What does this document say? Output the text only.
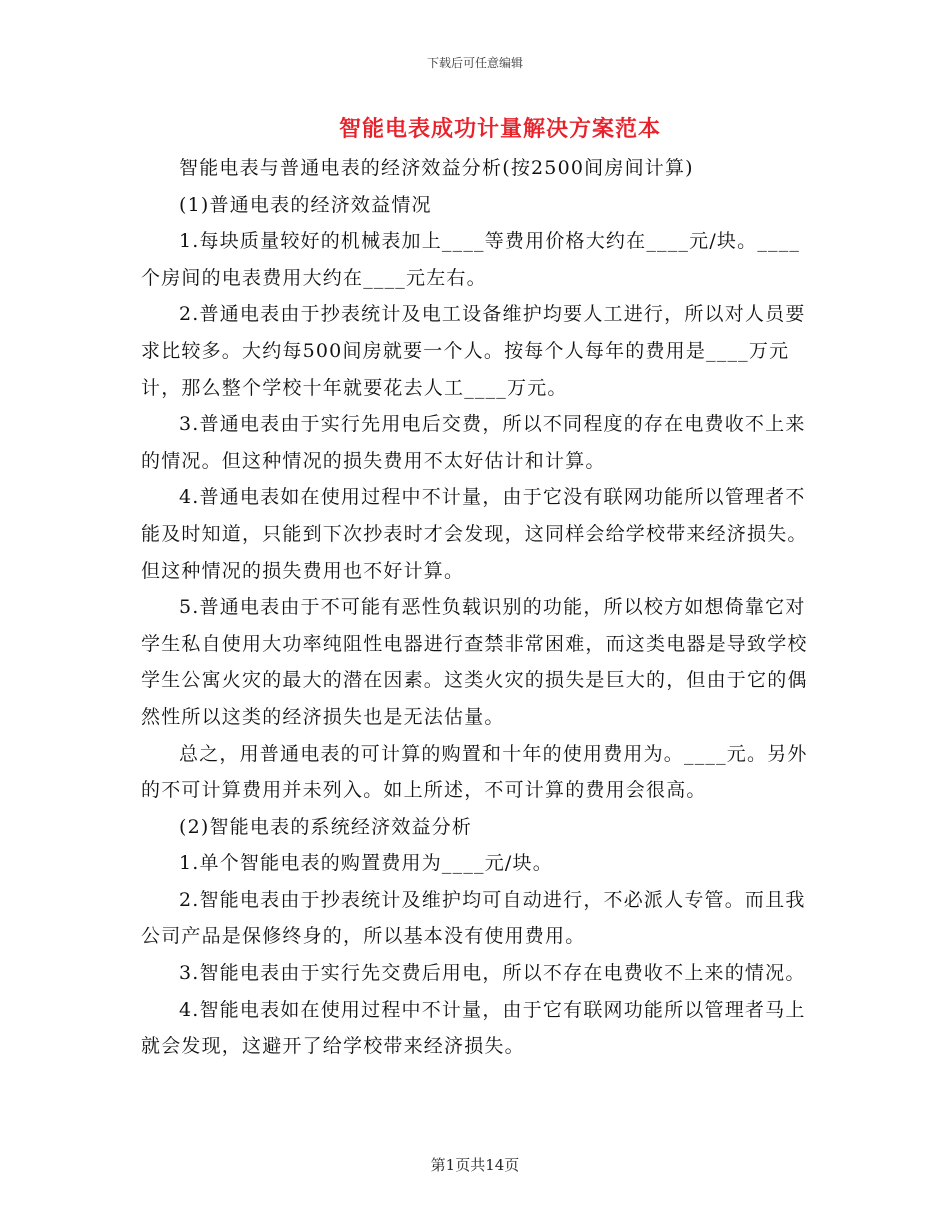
下载后可任意编辑
智能电表成功计量解决方案范本

智能电表与普通电表的经济效益分析(按2500间房间计算)

(1)普通电表的经济效益情况

1.每块质量较好的机械表加上____等费用价格大约在____元/块。____个房间的电表费用大约在____元左右。

2.普通电表由于抄表统计及电工设备维护均要人工进行，所以对人员要求比较多。大约每500间房就要一个人。按每个人每年的费用是____万元计，那么整个学校十年就要花去人工____万元。

3.普通电表由于实行先用电后交费，所以不同程度的存在电费收不上来的情况。但这种情况的损失费用不太好估计和计算。

4.普通电表如在使用过程中不计量，由于它没有联网功能所以管理者不能及时知道，只能到下次抄表时才会发现，这同样会给学校带来经济损失。但这种情况的损失费用也不好计算。

5.普通电表由于不可能有恶性负载识别的功能，所以校方如想倚靠它对学生私自使用大功率纯阻性电器进行查禁非常困难，而这类电器是导致学校学生公寓火灾的最大的潜在因素。这类火灾的损失是巨大的，但由于它的偶然性所以这类的经济损失也是无法估量。

总之，用普通电表的可计算的购置和十年的使用费用为。____元。另外的不可计算费用并未列入。如上所述，不可计算的费用会很高。

(2)智能电表的系统经济效益分析

1.单个智能电表的购置费用为____元/块。

2.智能电表由于抄表统计及维护均可自动进行，不必派人专管。而且我公司产品是保修终身的，所以基本没有使用费用。

3.智能电表由于实行先交费后用电，所以不存在电费收不上来的情况。

4.智能电表如在使用过程中不计量，由于它有联网功能所以管理者马上就会发现，这避开了给学校带来经济损失。

第1页共14页
